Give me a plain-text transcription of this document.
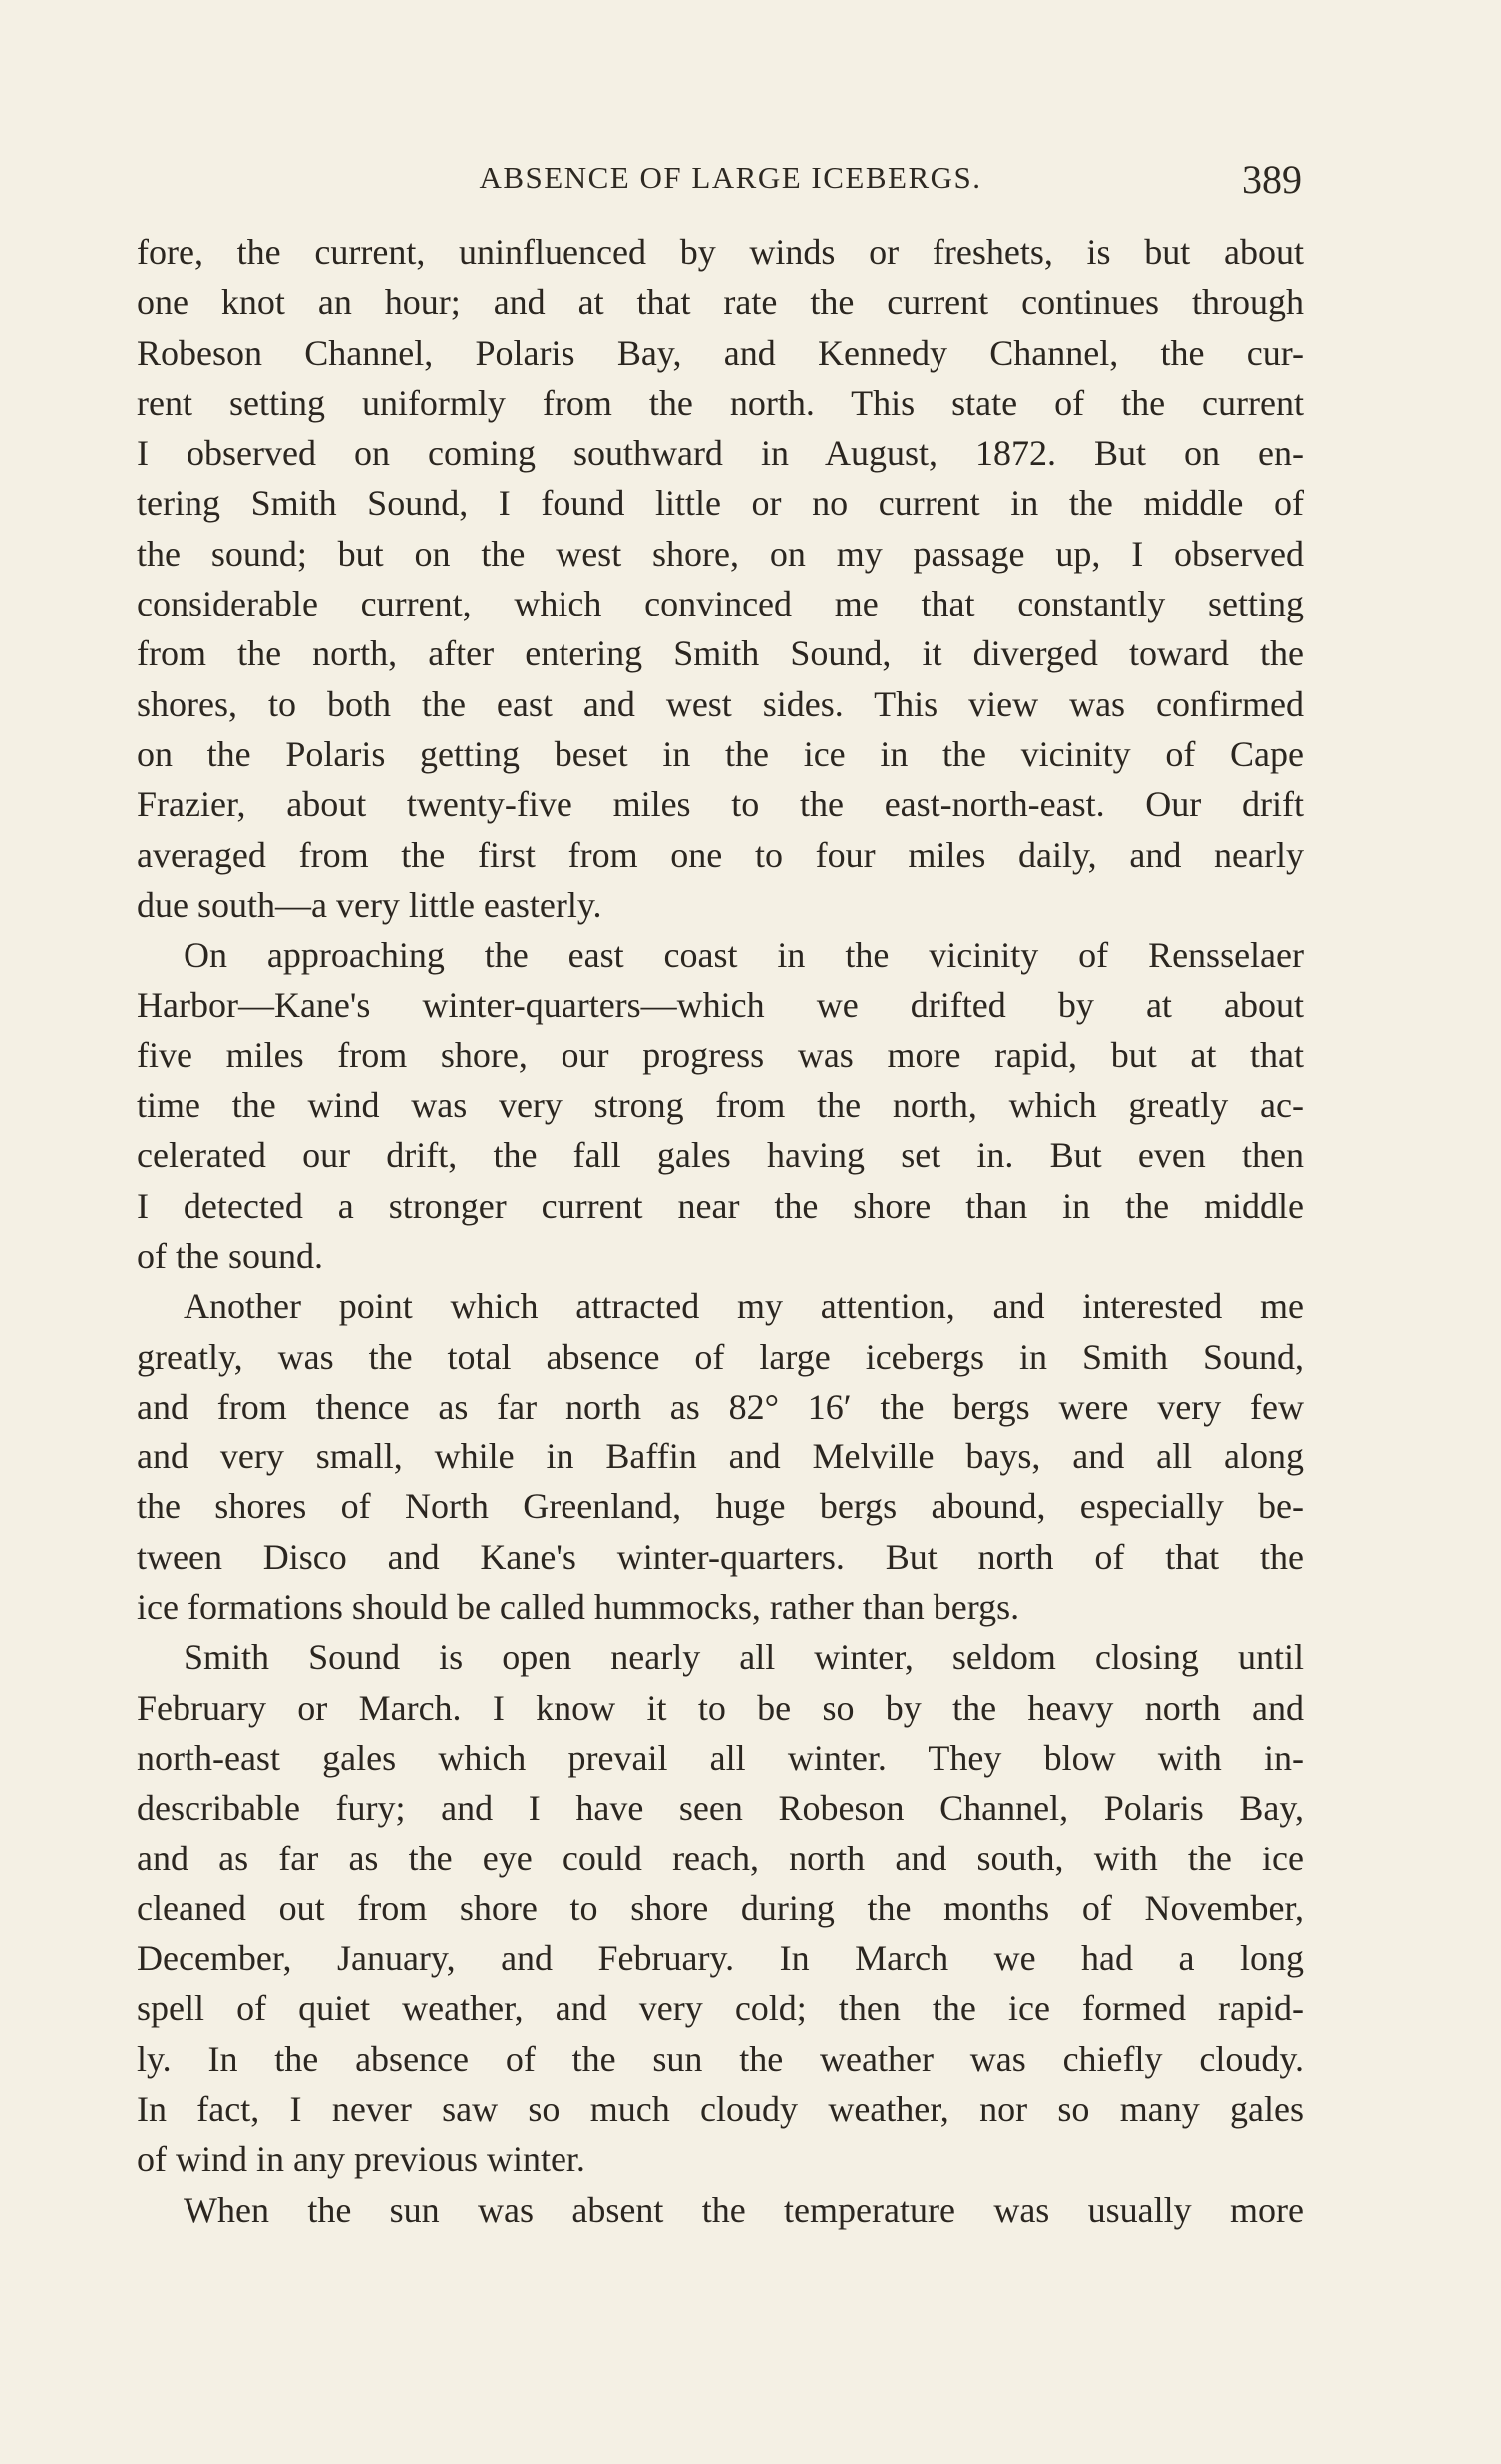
ABSENCE OF LARGE ICEBERGS.	389
fore, the current, uninfluenced by winds or freshets, is but about
one knot an hour; and at that rate the current continues through
Robeson Channel, Polaris Bay, and Kennedy Channel, the cur-
rent setting uniformly from the north. This state of the current
I observed on coming southward in August, 1872. But on en-
tering Smith Sound, I found little or no current in the middle of
the sound; but on the west shore, on my passage up, I observed
considerable current, which convinced me that constantly setting
from the north, after entering Smith Sound, it diverged toward the
shores, to both the east and west sides. This view was confirmed
on the Polaris getting beset in the ice in the vicinity of Cape
Frazier, about twenty-five miles to the east-north-east. Our drift
averaged from the first from one to four miles daily, and nearly
due south—a very little easterly.
On approaching the east coast in the vicinity of Rensselaer
Harbor—Kane's winter-quarters—which we drifted by at about
five miles from shore, our progress was more rapid, but at that
time the wind was very strong from the north, which greatly ac-
celerated our drift, the fall gales having set in. But even then
I detected a stronger current near the shore than in the middle
of the sound.
Another point which attracted my attention, and interested me
greatly, was the total absence of large icebergs in Smith Sound,
and from thence as far north as 82° 16′ the bergs were very few
and very small, while in Baffin and Melville bays, and all along
the shores of North Greenland, huge bergs abound, especially be-
tween Disco and Kane's winter-quarters. But north of that the
ice formations should be called hummocks, rather than bergs.
Smith Sound is open nearly all winter, seldom closing until
February or March. I know it to be so by the heavy north and
north-east gales which prevail all winter. They blow with in-
describable fury; and I have seen Robeson Channel, Polaris Bay,
and as far as the eye could reach, north and south, with the ice
cleaned out from shore to shore during the months of November,
December, January, and February. In March we had a long
spell of quiet weather, and very cold; then the ice formed rapid-
ly. In the absence of the sun the weather was chiefly cloudy.
In fact, I never saw so much cloudy weather, nor so many gales
of wind in any previous winter.
When the sun was absent the temperature was usually more
